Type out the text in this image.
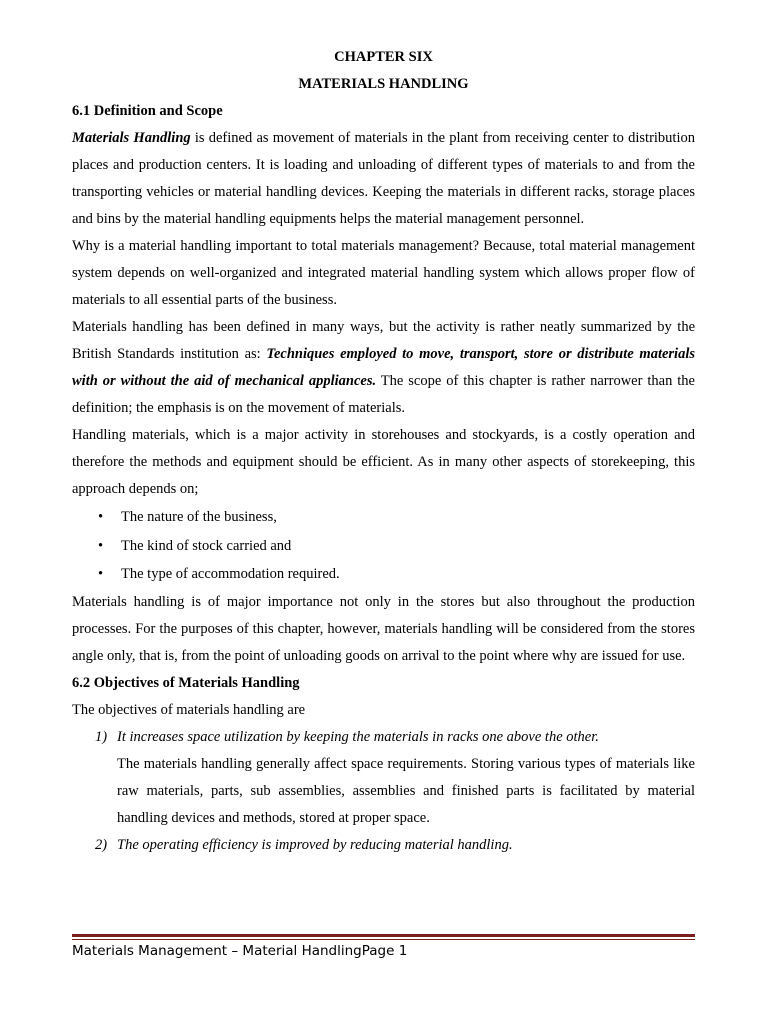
CHAPTER SIX
MATERIALS HANDLING
6.1 Definition and Scope

Materials Handling is defined as movement of materials in the plant from receiving center to distribution places and production centers. It is loading and unloading of different types of materials to and from the transporting vehicles or material handling devices. Keeping the materials in different racks, storage places and bins by the material handling equipments helps the material management personnel.

Why is a material handling important to total materials management? Because, total material management system depends on well-organized and integrated material handling system which allows proper flow of materials to all essential parts of the business.

Materials handling has been defined in many ways, but the activity is rather neatly summarized by the British Standards institution as: Techniques employed to move, transport, store or distribute materials with or without the aid of mechanical appliances. The scope of this chapter is rather narrower than the definition; the emphasis is on the movement of materials.

Handling materials, which is a major activity in storehouses and stockyards, is a costly operation and therefore the methods and equipment should be efficient. As in many other aspects of storekeeping, this approach depends on;

• The nature of the business,
• The kind of stock carried and
• The type of accommodation required.

Materials handling is of major importance not only in the stores but also throughout the production processes. For the purposes of this chapter, however, materials handling will be considered from the stores angle only, that is, from the point of unloading goods on arrival to the point where why are issued for use.

6.2 Objectives of Materials Handling

The objectives of materials handling are

1) It increases space utilization by keeping the materials in racks one above the other.
The materials handling generally affect space requirements. Storing various types of materials like raw materials, parts, sub assemblies, assemblies and finished parts is facilitated by material handling devices and methods, stored at proper space.
2) The operating efficiency is improved by reducing material handling.
Materials Management – Material HandlingPage 1
